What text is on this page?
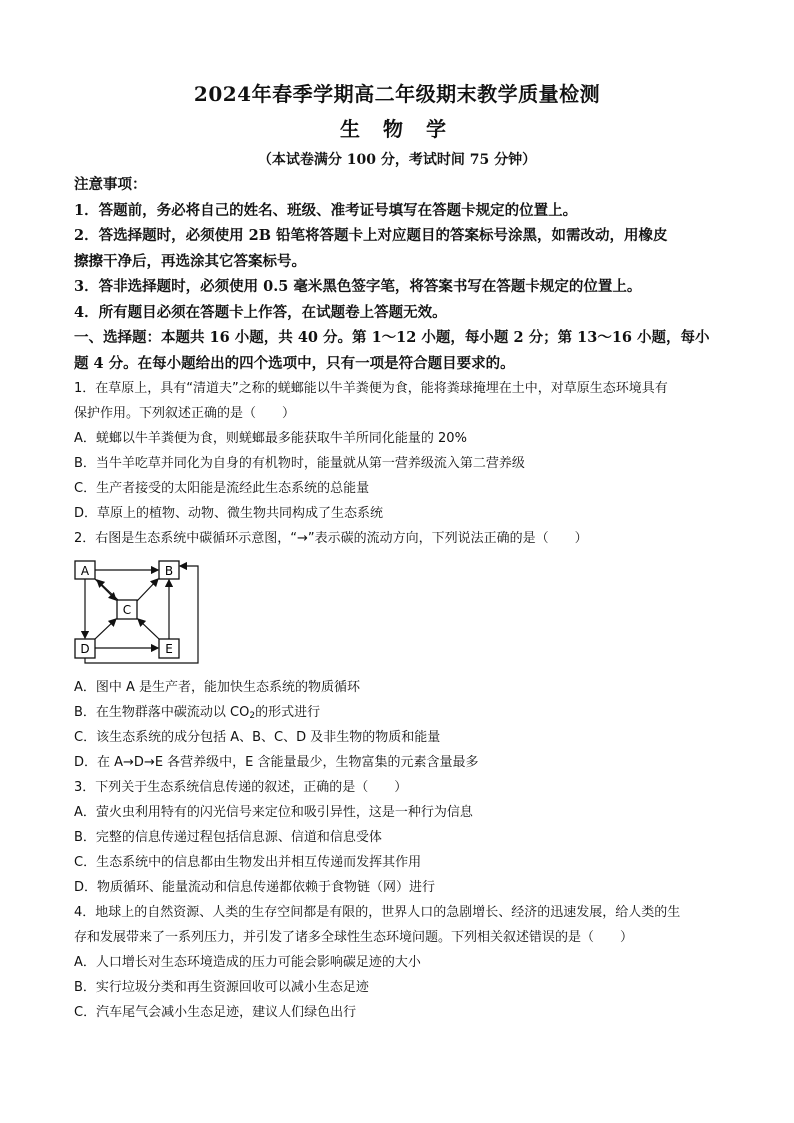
2024年春季学期高二年级期末教学质量检测
生 物 学
（本试卷满分 100 分，考试时间 75 分钟）
注意事项：
1．答题前，务必将自己的姓名、班级、准考证号填写在答题卡规定的位置上。
2．答选择题时，必须使用 2B 铅笔将答题卡上对应题目的答案标号涂黑，如需改动，用橡皮
擦擦干净后，再选涂其它答案标号。
3．答非选择题时，必须使用 0.5 毫米黑色签字笔，将答案书写在答题卡规定的位置上。
4．所有题目必须在答题卡上作答，在试题卷上答题无效。
一、选择题：本题共 16 小题，共 40 分。第 1～12 小题，每小题 2 分；第 13～16 小题，每小
题 4 分。在每小题给出的四个选项中，只有一项是符合题目要求的。
1．在草原上，具有“清道夫”之称的蜣螂能以牛羊粪便为食，能将粪球掩埋在土中，对草原生态环境具有
保护作用。下列叙述正确的是（　　）
A．蜣螂以牛羊粪便为食，则蜣螂最多能获取牛羊所同化能量的 20%
B．当牛羊吃草并同化为自身的有机物时，能量就从第一营养级流入第二营养级
C．生产者接受的太阳能是流经此生态系统的总能量
D．草原上的植物、动物、微生物共同构成了生态系统
2．右图是生态系统中碳循环示意图，“→”表示碳的流动方向，下列说法正确的是（　　）
A	B
C
D	E
A．图中 A 是生产者，能加快生态系统的物质循环
B．在生物群落中碳流动以 $CO_2$的形式进行
C．该生态系统的成分包括 A、B、C、D 及非生物的物质和能量
D．在 A→D→E 各营养级中，E 含能量最少，生物富集的元素含量最多
3．下列关于生态系统信息传递的叙述，正确的是（　　）
A．萤火虫利用特有的闪光信号来定位和吸引异性，这是一种行为信息
B．完整的信息传递过程包括信息源、信道和信息受体
C．生态系统中的信息都由生物发出并相互传递而发挥其作用
D．物质循环、能量流动和信息传递都依赖于食物链（网）进行
4．地球上的自然资源、人类的生存空间都是有限的，世界人口的急剧增长、经济的迅速发展，给人类的生
存和发展带来了一系列压力，并引发了诸多全球性生态环境问题。下列相关叙述错误的是（　　）
A．人口增长对生态环境造成的压力可能会影响碳足迹的大小
B．实行垃圾分类和再生资源回收可以减小生态足迹
C．汽车尾气会减小生态足迹，建议人们绿色出行
